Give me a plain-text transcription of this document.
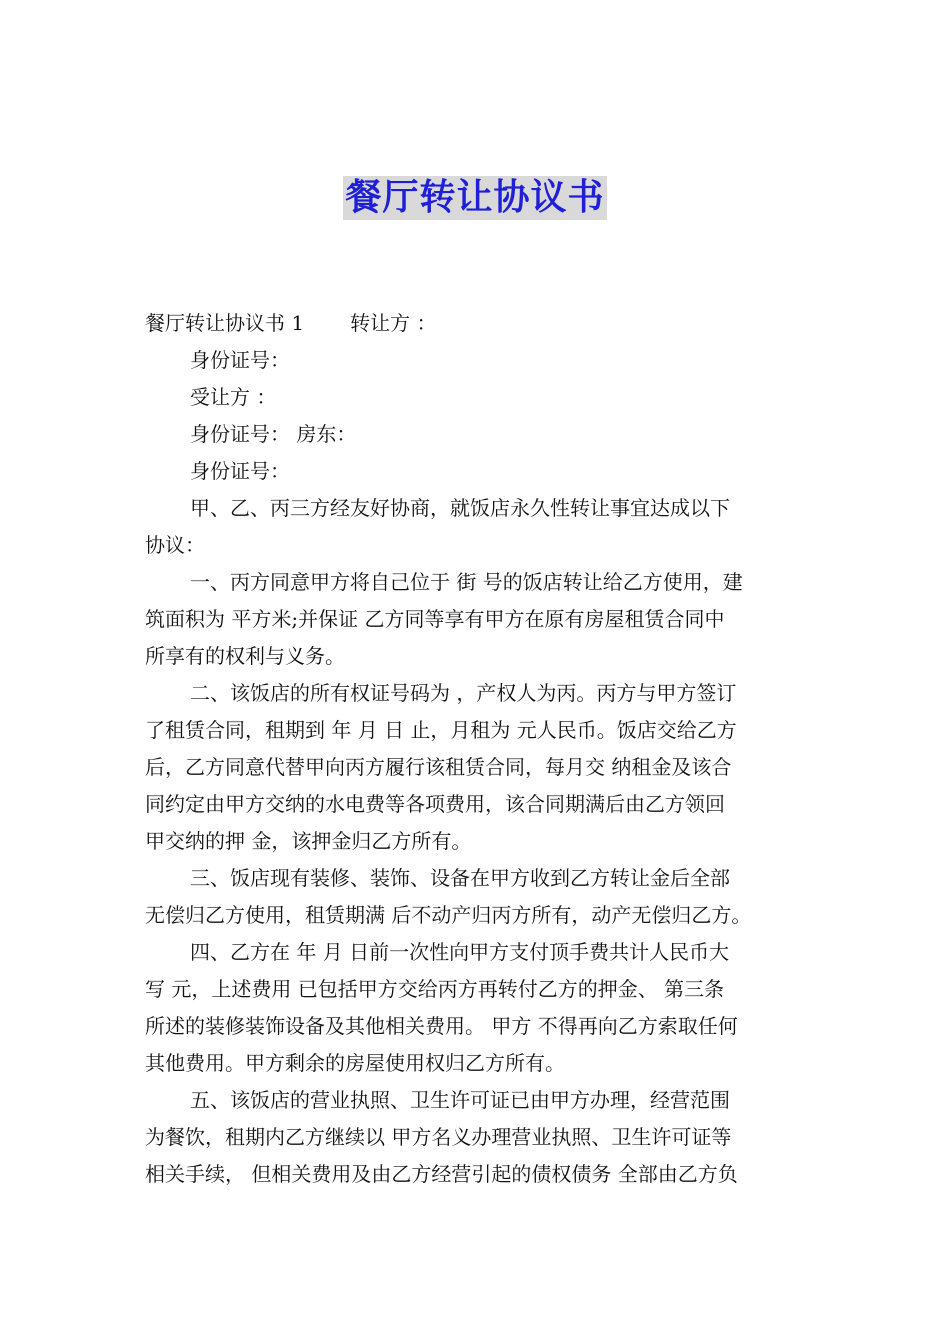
餐厅转让协议书
餐厅转让协议书 1 转让方 ：
身份证号：
受让方 ：
身份证号： 房东：
身份证号：
甲、乙、丙三方经友好协商，就饭店永久性转让事宜达成以下
协议：
一、丙方同意甲方将自己位于 街 号的饭店转让给乙方使用，建
筑面积为 平方米;并保证 乙方同等享有甲方在原有房屋租赁合同中
所享有的权利与义务。
二、该饭店的所有权证号码为 ，产权人为丙。丙方与甲方签订
了租赁合同，租期到 年 月 日 止，月租为 元人民币。饭店交给乙方
后，乙方同意代替甲向丙方履行该租赁合同，每月交 纳租金及该合
同约定由甲方交纳的水电费等各项费用，该合同期满后由乙方领回
甲交纳的押 金，该押金归乙方所有。
三、饭店现有装修、装饰、设备在甲方收到乙方转让金后全部
无偿归乙方使用，租赁期满 后不动产归丙方所有，动产无偿归乙方。
四、乙方在 年 月 日前一次性向甲方支付顶手费共计人民币大
写 元，上述费用 已包括甲方交给丙方再转付乙方的押金、 第三条
所述的装修装饰设备及其他相关费用。 甲方 不得再向乙方索取任何
其他费用。甲方剩余的房屋使用权归乙方所有。
五、该饭店的营业执照、卫生许可证已由甲方办理，经营范围
为餐饮，租期内乙方继续以 甲方名义办理营业执照、卫生许可证等
相关手续， 但相关费用及由乙方经营引起的债权债务 全部由乙方负
